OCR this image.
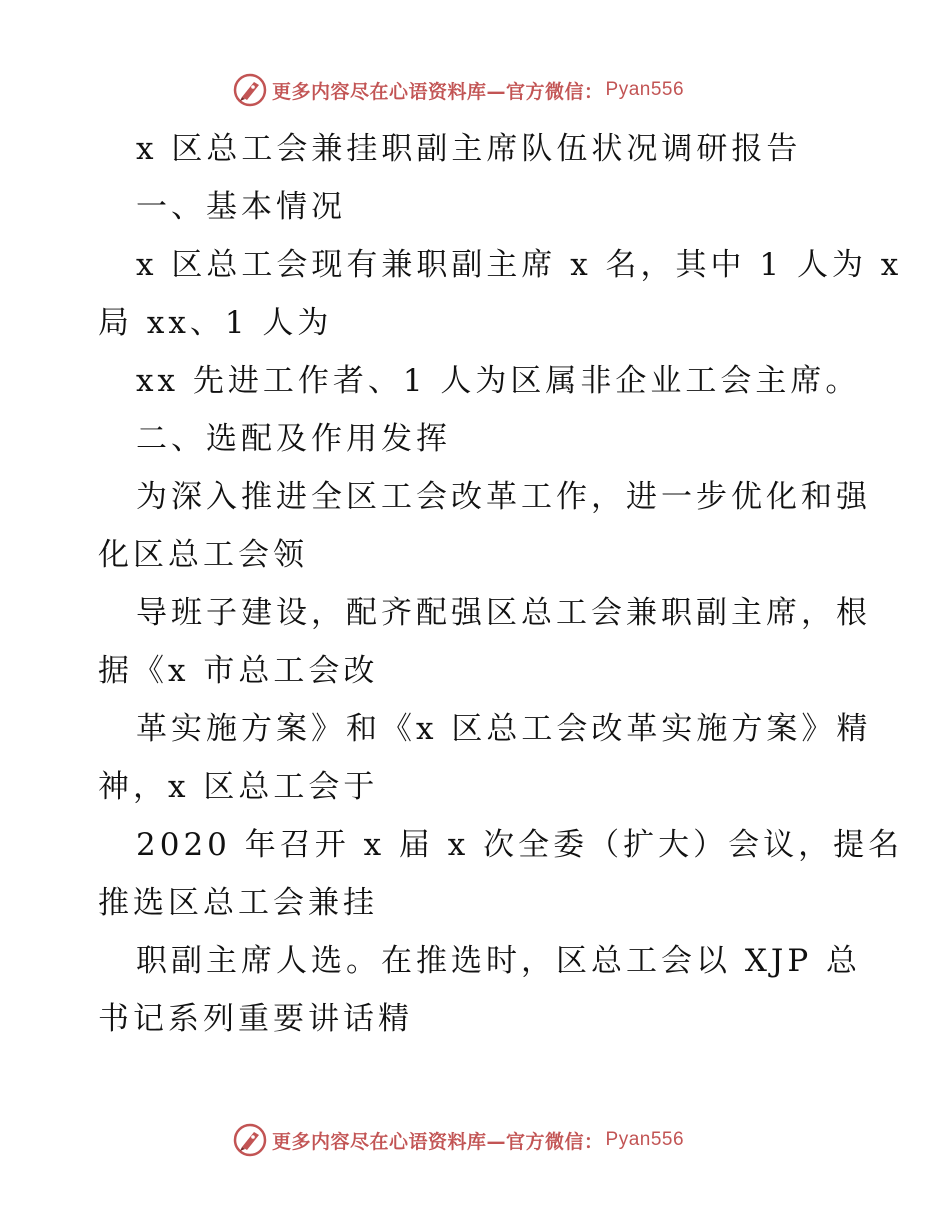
更多内容尽在心语资料库—官方微信： Pyan556
x 区总工会兼挂职副主席队伍状况调研报告
一、基本情况
x 区总工会现有兼职副主席 x 名，其中 1 人为 x
局 xx、1 人为
xx 先进工作者、1 人为区属非企业工会主席。
二、选配及作用发挥
为深入推进全区工会改革工作，进一步优化和强
化区总工会领
导班子建设，配齐配强区总工会兼职副主席，根
据《x 市总工会改
革实施方案》和《x 区总工会改革实施方案》精
神，x 区总工会于
2020 年召开 x 届 x 次全委（扩大）会议，提名
推选区总工会兼挂
职副主席人选。在推选时，区总工会以 XJP 总
书记系列重要讲话精
更多内容尽在心语资料库—官方微信： Pyan556
